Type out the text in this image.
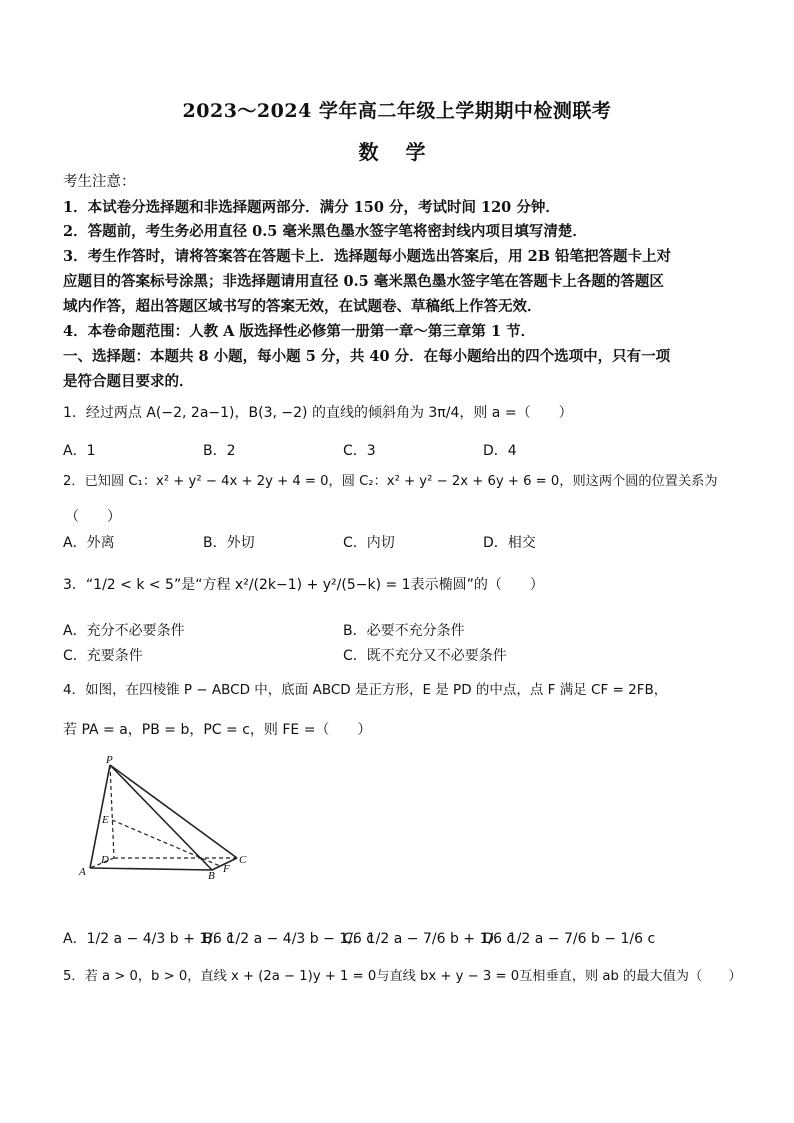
2023～2024 学年高二年级上学期期中检测联考
数 学
考生注意：
1．本试卷分选择题和非选择题两部分．满分 150 分，考试时间 120 分钟．
2．答题前，考生务必用直径 0.5 毫米黑色墨水签字笔将密封线内项目填写清楚．
3．考生作答时，请将答案答在答题卡上．选择题每小题选出答案后，用 2B 铅笔把答题卡上对
应题目的答案标号涂黑；非选择题请用直径 0.5 毫米黑色墨水签字笔在答题卡上各题的答题区
域内作答，超出答题区域书写的答案无效，在试题卷、草稿纸上作答无效．
4．本卷命题范围：人教 A 版选择性必修第一册第一章～第三章第 1 节．
一、选择题：本题共 8 小题，每小题 5 分，共 40 分．在每小题给出的四个选项中，只有一项
是符合题目要求的．
1．经过两点 A(−2, 2a−1)，B(3, −2) 的直线的倾斜角为 3π/4，则 a =（　　）
A．1	B．2	C．3	D．4
2．已知圆 C₁：x² + y² − 4x + 2y + 4 = 0，圆 C₂：x² + y² − 2x + 6y + 6 = 0，则这两个圆的位置关系为
（　　）
A．外离	B．外切	C．内切	D．相交
3．“1/2 < k < 5”是“方程 x²/(2k−1) + y²/(5−k) = 1表示椭圆”的（　　）
A．充分不必要条件	B．必要不充分条件
C．充要条件	C．既不充分又不必要条件
4．如图，在四棱锥 P − ABCD 中，底面 ABCD 是正方形，E 是 PD 的中点，点 F 满足 CF = 2FB，
若 PA = a，PB = b，PC = c，则 FE =（　　）
P
E
D	C
A	B
F
A．1/2 a − 4/3 b + 1/6 c
B．1/2 a − 4/3 b − 1/6 c
C．1/2 a − 7/6 b + 1/6 c
D．1/2 a − 7/6 b − 1/6 c
5．若 a > 0，b > 0，直线 x + (2a − 1)y + 1 = 0与直线 bx + y − 3 = 0互相垂直，则 ab 的最大值为（　　）
